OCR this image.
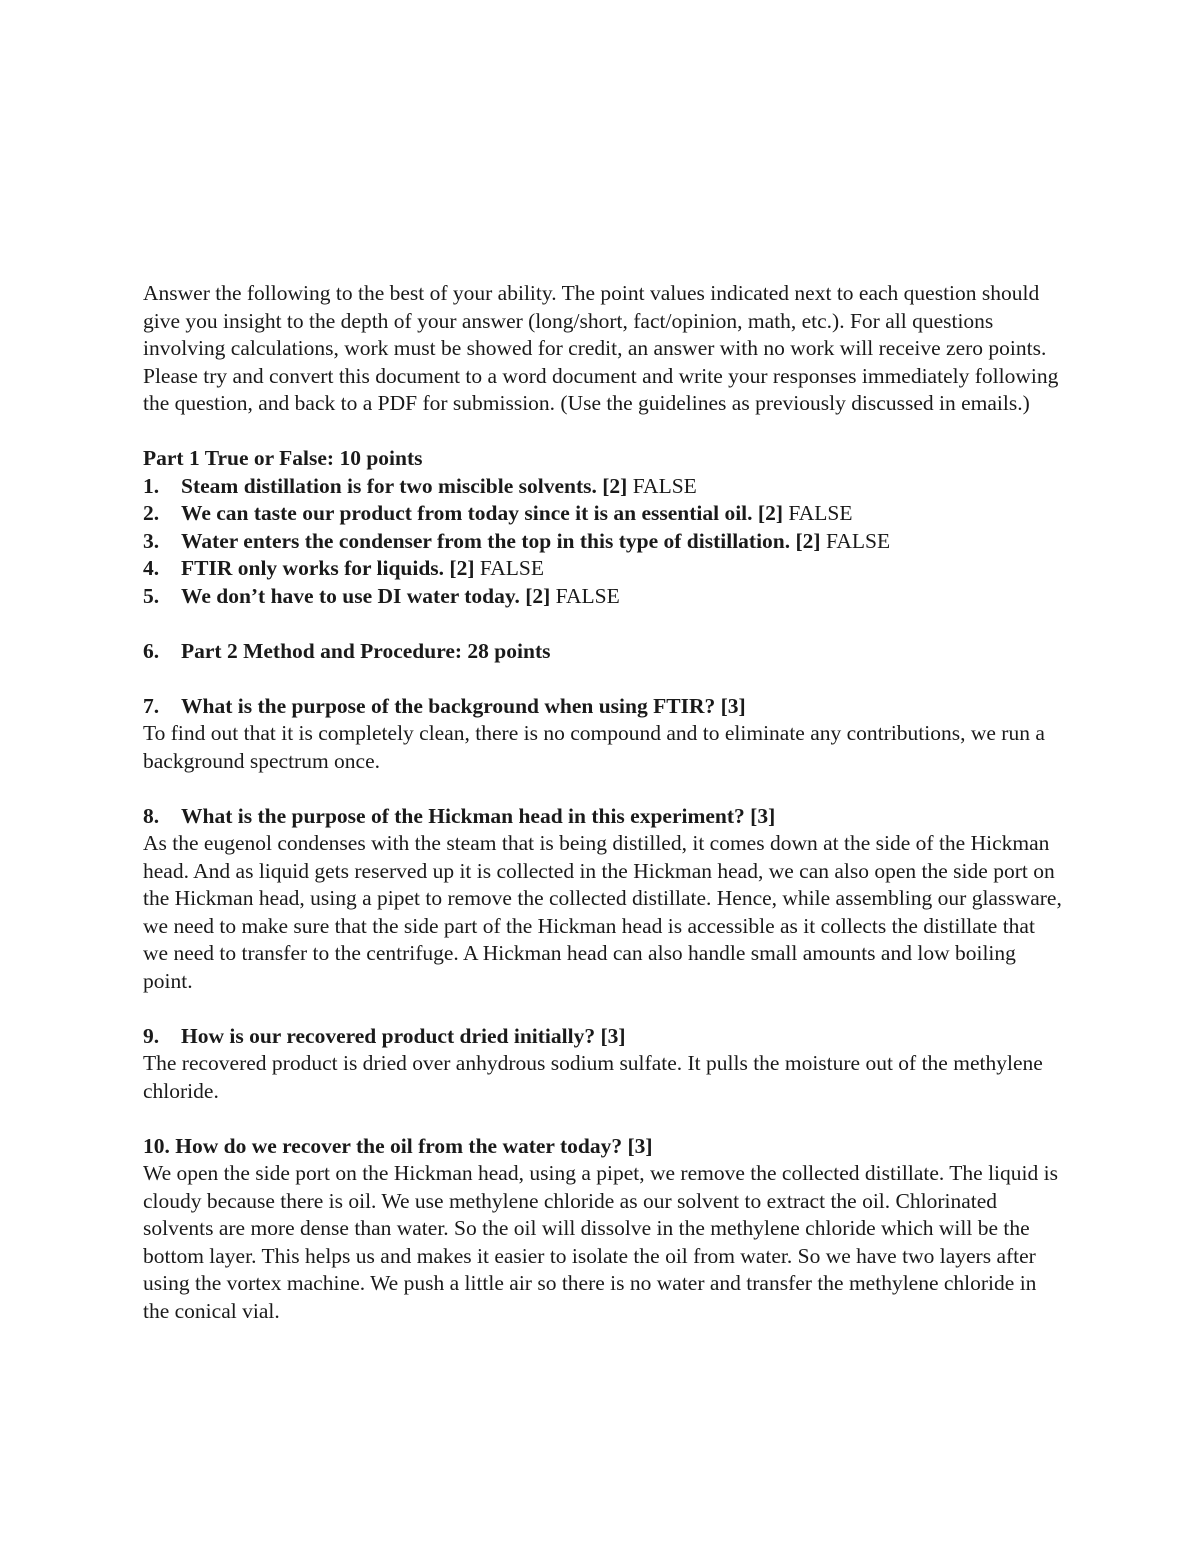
Answer the following to the best of your ability. The point values indicated next to each question should give you insight to the depth of your answer (long/short, fact/opinion, math, etc.). For all questions involving calculations, work must be showed for credit, an answer with no work will receive zero points. Please try and convert this document to a word document and write your responses immediately following the question, and back to a PDF for submission. (Use the guidelines as previously discussed in emails.)

Part 1 True or False: 10 points

1.	Steam distillation is for two miscible solvents. [2] FALSE
2.	We can taste our product from today since it is an essential oil. [2] FALSE
3.	Water enters the condenser from the top in this type of distillation. [2] FALSE
4.	FTIR only works for liquids. [2] FALSE
5.	We don’t have to use DI water today. [2] FALSE
6.	Part 2 Method and Procedure: 28 points
7.	What is the purpose of the background when using FTIR? [3]

To find out that it is completely clean, there is no compound and to eliminate any contributions, we run a background spectrum once.

8.	What is the purpose of the Hickman head in this experiment? [3]

As the eugenol condenses with the steam that is being distilled, it comes down at the side of the Hickman head. And as liquid gets reserved up it is collected in the Hickman head, we can also open the side port on the Hickman head, using a pipet to remove the collected distillate. Hence, while assembling our glassware, we need to make sure that the side part of the Hickman head is accessible as it collects the distillate that we need to transfer to the centrifuge. A Hickman head can also handle small amounts and low boiling point.

9.	How is our recovered product dried initially? [3]

The recovered product is dried over anhydrous sodium sulfate. It pulls the moisture out of the methylene chloride.

10. How do we recover the oil from the water today? [3]

We open the side port on the Hickman head, using a pipet, we remove the collected distillate. The liquid is cloudy because there is oil. We use methylene chloride as our solvent to extract the oil. Chlorinated solvents are more dense than water. So the oil will dissolve in the methylene chloride which will be the bottom layer. This helps us and makes it easier to isolate the oil from water. So we have two layers after using the vortex machine. We push a little air so there is no water and transfer the methylene chloride in the conical vial.
